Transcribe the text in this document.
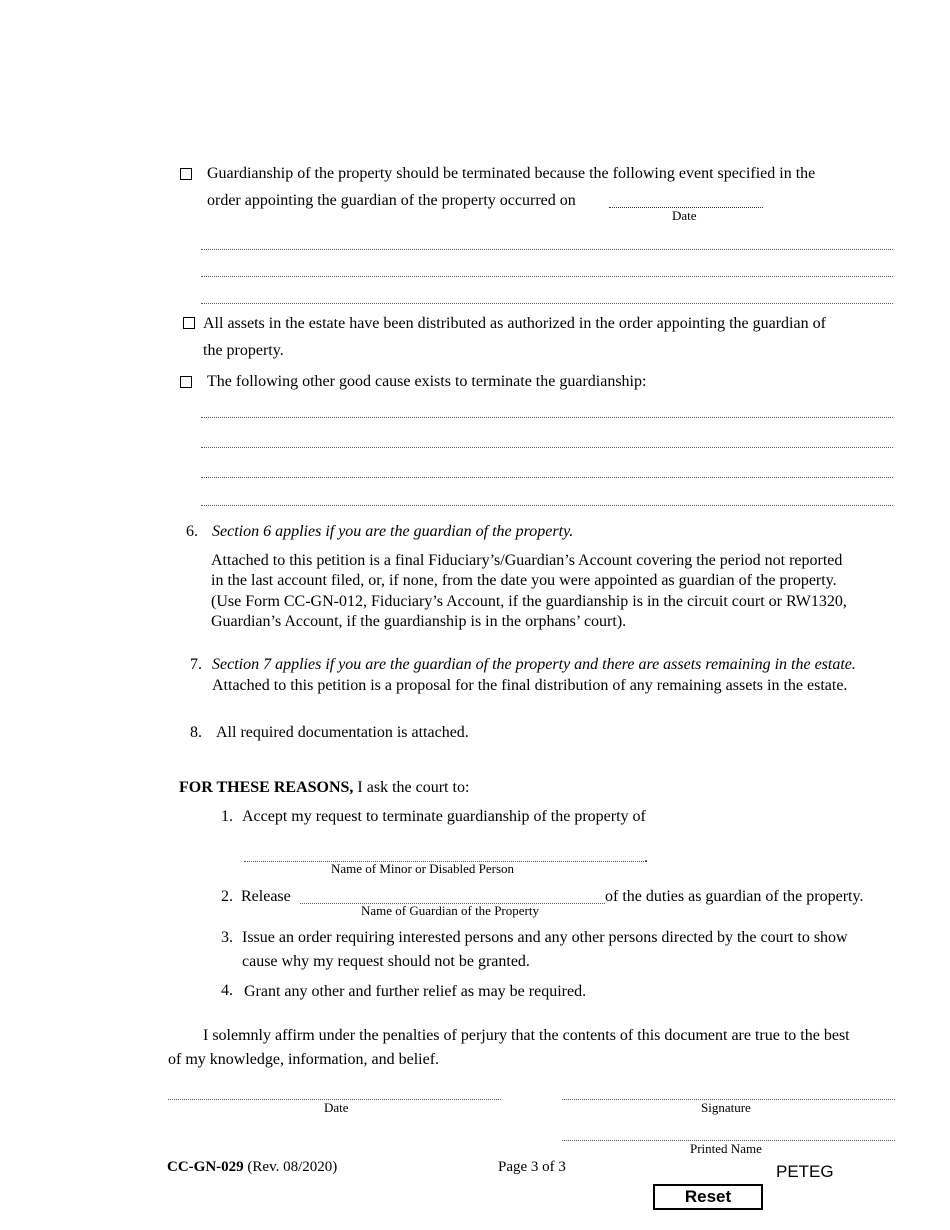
Guardianship of the property should be terminated because the following event specified in the
order appointing the guardian of the property occurred on
Date
All assets in the estate have been distributed as authorized in the order appointing the guardian of
the property.
The following other good cause exists to terminate the guardianship:
6. Section 6 applies if you are the guardian of the property.
Attached to this petition is a final Fiduciary’s/Guardian’s Account covering the period not reported
in the last account filed, or, if none, from the date you were appointed as guardian of the property.
(Use Form CC-GN-012, Fiduciary’s Account, if the guardianship is in the circuit court or RW1320,
Guardian’s Account, if the guardianship is in the orphans’ court).
7. Section 7 applies if you are the guardian of the property and there are assets remaining in the estate.
Attached to this petition is a proposal for the final distribution of any remaining assets in the estate.
8. All required documentation is attached.
FOR THESE REASONS, I ask the court to:
1. Accept my request to terminate guardianship of the property of
.
Name of Minor or Disabled Person
2. Release	of the duties as guardian of the property.
Name of Guardian of the Property
3. Issue an order requiring interested persons and any other persons directed by the court to show
cause why my request should not be granted.
4. Grant any other and further relief as may be required.
I solemnly affirm under the penalties of perjury that the contents of this document are true to the best
of my knowledge, information, and belief.
Date	Signature
Printed Name
CC-GN-029 (Rev. 08/2020)	Page 3 of 3	PETEG
Reset
